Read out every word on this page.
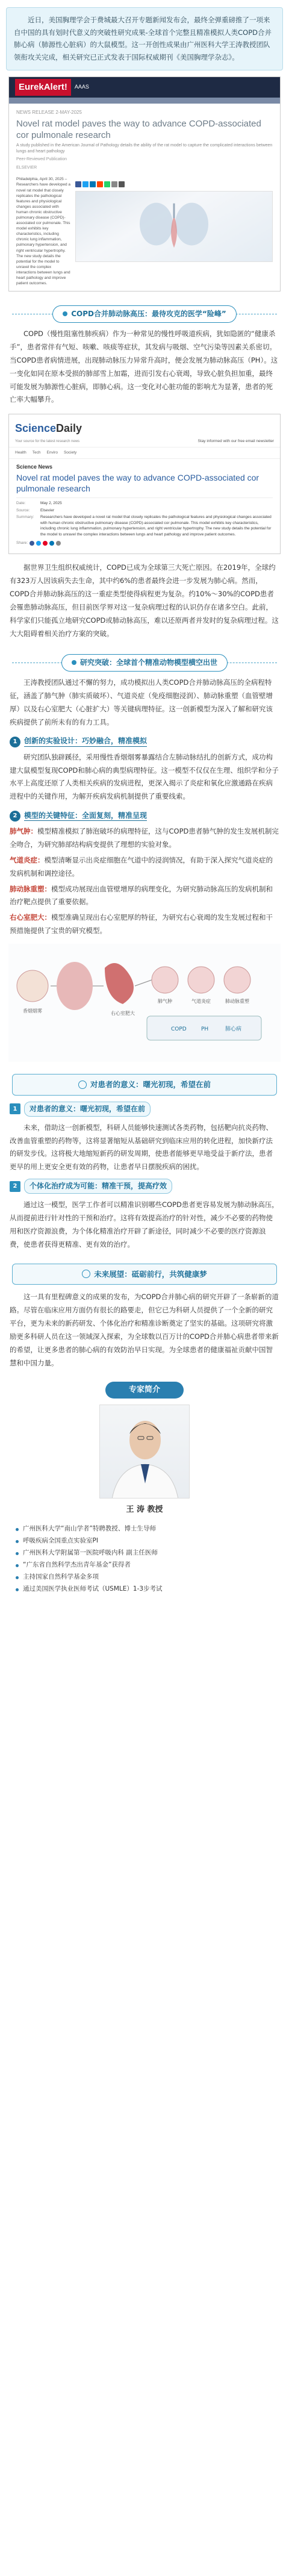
近日，美国胸理学会于费城最大召开专题新闻发布会，最终全弹重磅推了一项来自中国的具有划时代意义的突破性研究成果-全球首个完整且精准模拟人类COPD合并肺心病（肺源性心脏病）的大鼠模型。这一开创性成果由广州医科大学王涛教授团队领衔攻关完成，相关研究已正式发表于国际权威期刊《美国胸理学杂志》。
EurekAlert!	AAAS
NEWS RELEASE 2-MAY-2025
Novel rat model paves the way to advance COPD-associated cor pulmonale research
A study published in the American Journal of Pathology details the ability of the rat model to capture the complicated interactions between lungs and heart pathology
Peer-Reviewed Publication
ELSEVIER
Philadelphia, April 30, 2025 – Researchers have developed a novel rat model that closely replicates the pathological features and physiological changes associated with human chronic obstructive pulmonary disease (COPD)-associated cor pulmonale. This model exhibits key characteristics, including chronic lung inflammation, pulmonary hypertension, and right ventricular hypertrophy. The new study details the potential for the model to unravel the complex interactions between lungs and heart pathology and improve patient outcomes.
COPD合并肺动脉高压：最待攻克的医学“险峰”

COPD（慢性阻塞性肺疾病）作为一种常见的慢性呼吸道疾病，犹如隐匿的“健康杀手”，患者常伴有气短、咳嗽、咳痰等症状，其发病与吸烟、空气污染等因素关系密切。当COPD患者病情进展，出现肺动脉压力异常升高时，便会发展为肺动脉高压（PH）。这一变化如同在原本受损的肺部雪上加霜，进而引发右心衰竭，导致心脏负担加重，最终可能发展为肺源性心脏病，即肺心病。这一变化对心脏功能的影响尤为显著，患者的死亡率大幅攀升。

ScienceDaily
Your source for the latest research news	Stay informed with our free email newsletter
Health Tech Enviro Society
Science News
Novel rat model paves the way to advance COPD-associated cor pulmonale research
Date:	May 2, 2025
Source:	Elsevier
Summary:	Researchers have developed a novel rat model that closely replicates the pathological features and physiological changes associated with human chronic obstructive pulmonary disease (COPD)-associated cor pulmonale. This model exhibits key characteristics, including chronic lung inflammation, pulmonary hypertension, and right ventricular hypertrophy. The new study details the potential for the model to unravel the complex interactions between lungs and heart pathology and improve patient outcomes.
Share:

据世界卫生组织权威统计，COPD已成为全球第三大死亡原因。在2019年，全球约有323万人因该病失去生命，其中约6%的患者最终会进一步发展为肺心病。然而，COPD合并肺动脉高压的这一重症类型使得病程更为复杂。约10%～30%的COPD患者会罹患肺动脉高压，但目前医学界对这一复杂病理过程的认识仍存在诸多空白。此前，科学家们只能孤立地研究COPD或肺动脉高压，难以还原两者并发时的复杂病理过程。这大大阻碍着相关治疗方案的突破。

研究突破：全球首个精准动物模型横空出世

王涛教授团队通过不懈的努力，成功模拟出人类COPD合并肺动脉高压的全病程特征，涵盖了肺气肿（肺实质破坏）、气道炎症（免疫细胞浸润）、肺动脉重塑（血管壁增厚）以及右心室肥大（心脏扩大）等关键病理特征。这一创新模型为深入了解和研究该疾病提供了前所未有的有力工具。

1 创新的实验设计：巧妙融合，精准模拟

研究团队独辟蹊径，采用慢性香烟烟雾暴露结合左肺动脉结扎的创新方式，成功构建大鼠模型复现COPD和肺心病的典型病理特征。这一模型不仅仅在生理、组织学和分子水平上高度还原了人类相关疾病的发病进程，更深入揭示了炎症和氧化应激通路在疾病进程中的关键作用，为解开疾病发病机制提供了重要线索。

2 模型的关键特征：全面复刻，精准呈现
肺气肿：模型精准模拟了肺泡破坏的病理特征，这与COPD患者肺气肿的发生发展机制完全吻合，为研究肺部结构病变提供了理想的实验对象。
气道炎症：模型清晰显示出炎症细胞在气道中的浸润情况，有助于深入探究气道炎症的发病机制和调控途径。
肺动脉重塑：模型成功展现出血管壁增厚的病理变化，为研究肺动脉高压的发病机制和治疗靶点提供了重要依据。
右心室肥大：模型准确呈现出右心室肥厚的特征，为研究右心衰竭的发生发展过程和干预措施提供了宝贵的研究模型。
香烟烟雾
肺气肿	气道炎症	肺动脉重塑
右心室肥大
COPD	PH	肺心病
对患者的意义：曙光初现，希望在前
1	对患者的意义：曙光初现，希望在前

未来，借助这一创新模型，科研人员能够快速测试各类药物，包括靶向抗炎药物、改善血管重塑的药物等，这将显著缩短从基础研究到临床应用的转化进程，加快新疗法的研发步伐。这将极大地缩短新药的研发周期，使患者能够更早地受益于新疗法，患者更早的用上更安全更有效的药物，让患者早日摆脱疾病的困扰。

2	个体化治疗成为可能：精准干预，提高疗效

通过这一模型，医学工作者可以精准识别哪些COPD患者更容易发展为肺动脉高压，从而提前进行针对性的干预和治疗。这将有效提高治疗的针对性，减少不必要的药物使用和医疗资源浪费，为个体化精准治疗开辟了新途径，同时减少不必要的医疗资源浪费，使患者获得更精准、更有效的治疗。

未来展望：砥砺前行，共筑健康梦

这一具有里程碑意义的成果的发布，为COPD合并肺心病的研究开辟了一条崭新的道路。尽管在临床应用方面仍有很长的路要走，但它已为科研人员提供了一个全新的研究平台，更为未来的新药研发、个体化治疗和精准诊断奠定了坚实的基础。这项研究将激励更多科研人员在这一领域深入探索，为全球数以百万计的COPD合并肺心病患者带来新的希望，让更多患者的肺心病的有效防治早日实现。为全球患者的健康福祉贡献中国智慧和中国力量。

专家简介
王 涛 教授
广州医科大学“南山学者”特聘教授、博士生导师
呼吸疾病全国重点实验室PI
广州医科大学附属第一医院呼吸内科 副主任医师
“广东省自然科学杰出青年基金”获得者
主持国家自然科学基金多项
通过美国医学执业医师考试（USMLE）1-3步考试
